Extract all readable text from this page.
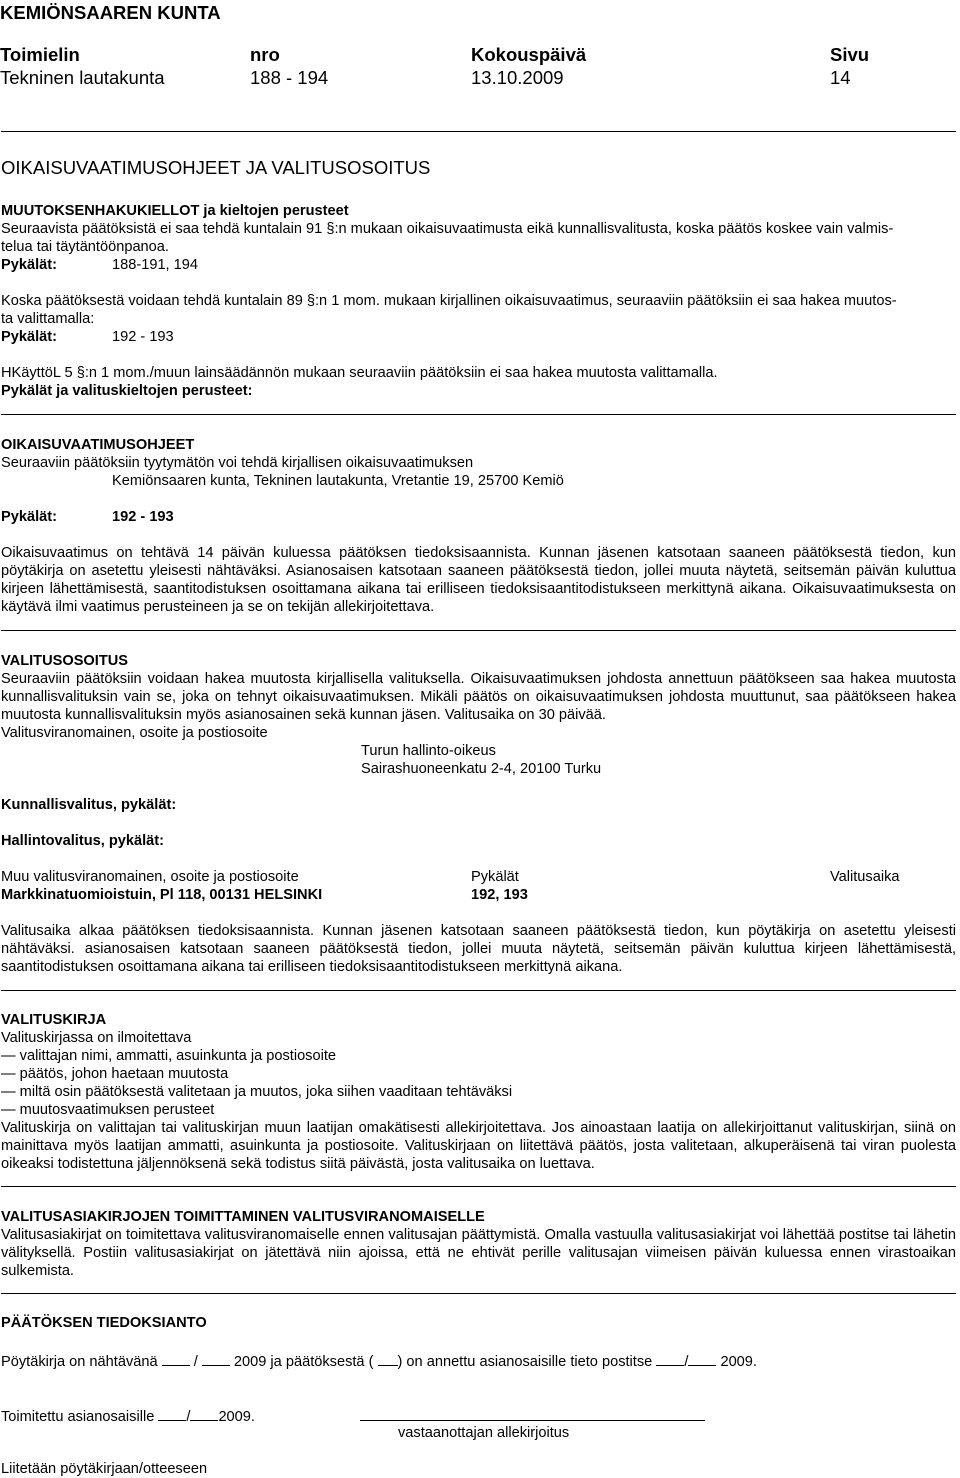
KEMIÖNSAAREN KUNTA
Toimielin	nro	Kokouspäivä	Sivu
Tekninen lautakunta	188 - 194	13.10.2009	14
OIKAISUVAATIMUSOHJEET JA VALITUSOSOITUS
MUUTOKSENHAKUKIELLOT ja kieltojen perusteet
Seuraavista päätöksistä ei saa tehdä kuntalain 91 §:n mukaan oikaisuvaatimusta eikä kunnallisvalitusta, koska päätös koskee vain valmis-
telua tai täytäntöönpanoa.
Pykälät:	188-191, 194
Koska päätöksestä voidaan tehdä kuntalain 89 §:n 1 mom. mukaan kirjallinen oikaisuvaatimus, seuraaviin päätöksiin ei saa hakea muutos-
ta valittamalla:
Pykälät:	192 - 193
HKäyttöL 5 §:n 1 mom./muun lainsäädännön mukaan seuraaviin päätöksiin ei saa hakea muutosta valittamalla.
Pykälät ja valituskieltojen perusteet:
OIKAISUVAATIMUSOHJEET
Seuraaviin päätöksiin tyytymätön voi tehdä kirjallisen oikaisuvaatimuksen
Kemiönsaaren kunta, Tekninen lautakunta, Vretantie 19, 25700 Kemiö
Pykälät:	192 - 193
Oikaisuvaatimus on tehtävä 14 päivän kuluessa päätöksen tiedoksisaannista. Kunnan jäsenen katsotaan saaneen päätöksestä tiedon, kun pöytäkirja on asetettu yleisesti nähtäväksi. Asianosaisen katsotaan saaneen päätöksestä tiedon, jollei muuta näytetä, seitsemän päivän kuluttua kirjeen lähettämisestä, saantitodistuksen osoittamana aikana tai erilliseen tiedoksisaantitodistukseen merkittynä aikana. Oikaisuvaatimuksesta on käytävä ilmi vaatimus perusteineen ja se on tekijän allekirjoitettava.
VALITUSOSOITUS
Seuraaviin päätöksiin voidaan hakea muutosta kirjallisella valituksella. Oikaisuvaatimuksen johdosta annettuun päätökseen saa hakea muutosta kunnallisvalituksin vain se, joka on tehnyt oikaisuvaatimuksen. Mikäli päätös on oikaisuvaatimuksen johdosta muuttunut, saa päätökseen hakea muutosta kunnallisvalituksin myös asianosainen sekä kunnan jäsen. Valitusaika on 30 päivää.
Valitusviranomainen, osoite ja postiosoite
Turun hallinto-oikeus
Sairashuoneenkatu 2-4, 20100 Turku
Kunnallisvalitus, pykälät:
Hallintovalitus, pykälät:
Muu valitusviranomainen, osoite ja postiosoite	Pykälät	Valitusaika
Markkinatuomioistuin, Pl 118, 00131 HELSINKI	192, 193
Valitusaika alkaa päätöksen tiedoksisaannista. Kunnan jäsenen katsotaan saaneen päätöksestä tiedon, kun pöytäkirja on asetettu yleisesti nähtäväksi. asianosaisen katsotaan saaneen päätöksestä tiedon, jollei muuta näytetä, seitsemän päivän kuluttua kirjeen lähettämisestä, saantitodistuksen osoittamana aikana tai erilliseen tiedoksisaantitodistukseen merkittynä aikana.
VALITUSKIRJA
Valituskirjassa on ilmoitettava
— valittajan nimi, ammatti, asuinkunta ja postiosoite
— päätös, johon haetaan muutosta
— miltä osin päätöksestä valitetaan ja muutos, joka siihen vaaditaan tehtäväksi
— muutosvaatimuksen perusteet
Valituskirja on valittajan tai valituskirjan muun laatijan omakätisesti allekirjoitettava. Jos ainoastaan laatija on allekirjoittanut valituskirjan, siinä on mainittava myös laatijan ammatti, asuinkunta ja postiosoite. Valituskirjaan on liitettävä päätös, josta valitetaan, alkuperäisenä tai viran puolesta oikeaksi todistettuna jäljennöksenä sekä todistus siitä päivästä, josta valitusaika on luettava.
VALITUSASIAKIRJOJEN TOIMITTAMINEN VALITUSVIRANOMAISELLE
Valitusasiakirjat on toimitettava valitusviranomaiselle ennen valitusajan päättymistä. Omalla vastuulla valitusasiakirjat voi lähettää postitse tai lähetin välityksellä. Postiin valitusasiakirjat on jätettävä niin ajoissa, että ne ehtivät perille valitusajan viimeisen päivän kuluessa ennen virastoaikan sulkemista.
PÄÄTÖKSEN TIEDOKSIANTO
Pöytäkirja on nähtävänä / 2009 ja päätöksestä ( ) on annettu asianosaisille tieto postitse / 2009.
Toimitettu asianosaisille / 2009.
vastaanottajan allekirjoitus
Liitetään pöytäkirjaan/otteeseen
